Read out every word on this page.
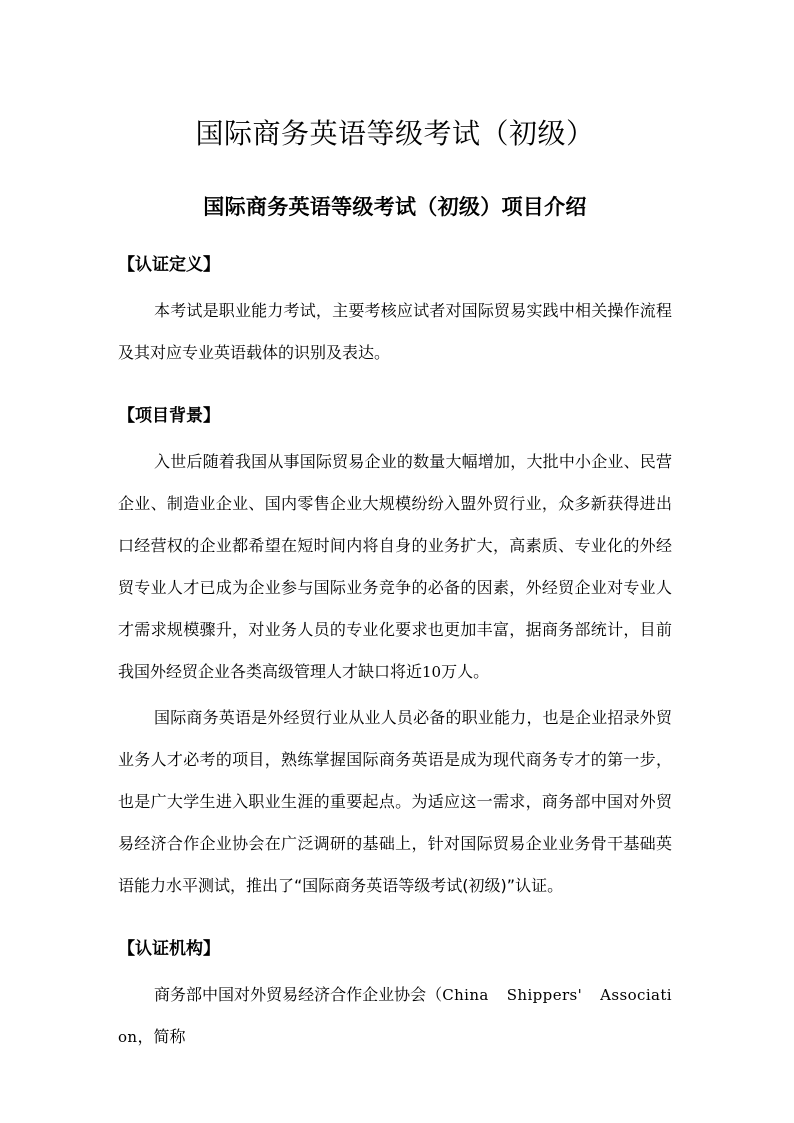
国际商务英语等级考试（初级）
国际商务英语等级考试（初级）项目介绍
【认证定义】

本考试是职业能力考试，主要考核应试者对国际贸易实践中相关操作流程及其对应专业英语载体的识别及表达。

【项目背景】

入世后随着我国从事国际贸易企业的数量大幅增加，大批中小企业、民营企业、制造业企业、国内零售企业大规模纷纷入盟外贸行业，众多新获得进出口经营权的企业都希望在短时间内将自身的业务扩大，高素质、专业化的外经贸专业人才已成为企业参与国际业务竞争的必备的因素，外经贸企业对专业人才需求规模骤升，对业务人员的专业化要求也更加丰富，据商务部统计，目前我国外经贸企业各类高级管理人才缺口将近10万人。

国际商务英语是外经贸行业从业人员必备的职业能力，也是企业招录外贸业务人才必考的项目，熟练掌握国际商务英语是成为现代商务专才的第一步，也是广大学生进入职业生涯的重要起点。为适应这一需求，商务部中国对外贸易经济合作企业协会在广泛调研的基础上，针对国际贸易企业业务骨干基础英语能力水平测试，推出了“国际商务英语等级考试(初级)”认证。

【认证机构】

商务部中国对外贸易经济合作企业协会（China Shippers' Association，简称
